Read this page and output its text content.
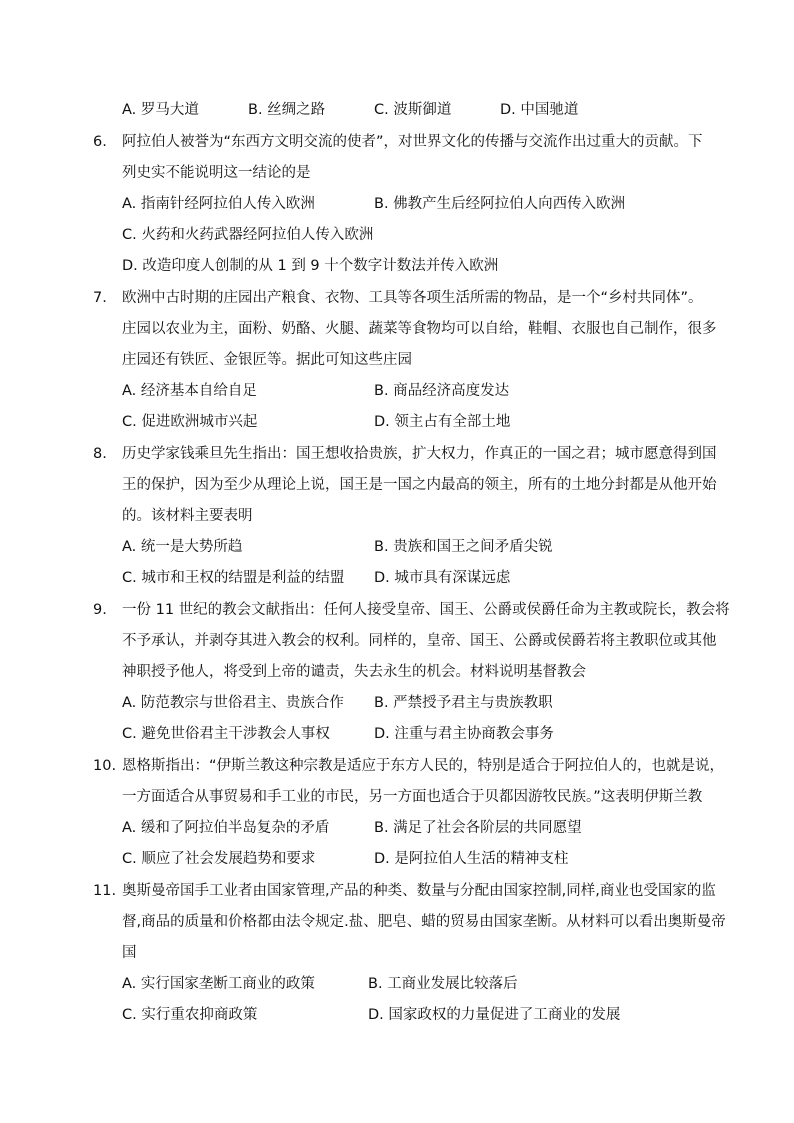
A. 罗马大道	B. 丝绸之路	C. 波斯御道	D. 中国驰道
6. 阿拉伯人被誉为“东西方文明交流的使者”，对世界文化的传播与交流作出过重大的贡献。下
列史实不能说明这一结论的是
A. 指南针经阿拉伯人传入欧洲	B. 佛教产生后经阿拉伯人向西传入欧洲
C. 火药和火药武器经阿拉伯人传入欧洲
D. 改造印度人创制的从 1 到 9 十个数字计数法并传入欧洲
7. 欧洲中古时期的庄园出产粮食、衣物、工具等各项生活所需的物品，是一个“乡村共同体”。
庄园以农业为主，面粉、奶酪、火腿、蔬菜等食物均可以自给，鞋帽、衣服也自己制作，很多
庄园还有铁匠、金银匠等。据此可知这些庄园
A. 经济基本自给自足	B. 商品经济高度发达
C. 促进欧洲城市兴起	D. 领主占有全部土地
8. 历史学家钱乘旦先生指出：国王想收拾贵族，扩大权力，作真正的一国之君；城市愿意得到国
王的保护，因为至少从理论上说，国王是一国之内最高的领主，所有的土地分封都是从他开始
的。该材料主要表明
A. 统一是大势所趋	B. 贵族和国王之间矛盾尖锐
C. 城市和王权的结盟是利益的结盟 D. 城市具有深谋远虑
9. 一份 11 世纪的教会文献指出：任何人接受皇帝、国王、公爵或侯爵任命为主教或院长，教会将
不予承认，并剥夺其进入教会的权利。同样的，皇帝、国王、公爵或侯爵若将主教职位或其他
神职授予他人，将受到上帝的谴责，失去永生的机会。材料说明基督教会
A. 防范教宗与世俗君主、贵族合作 B. 严禁授予君主与贵族教职
C. 避免世俗君主干涉教会人事权	D. 注重与君主协商教会事务
10. 恩格斯指出：“伊斯兰教这种宗教是适应于东方人民的，特别是适合于阿拉伯人的，也就是说，
一方面适合从事贸易和手工业的市民，另一方面也适合于贝都因游牧民族。”这表明伊斯兰教
A. 缓和了阿拉伯半岛复杂的矛盾	B. 满足了社会各阶层的共同愿望
C. 顺应了社会发展趋势和要求	D. 是阿拉伯人生活的精神支柱
11. 奥斯曼帝国手工业者由国家管理,产品的种类、数量与分配由国家控制,同样,商业也受国家的监
督,商品的质量和价格都由法令规定.盐、肥皂、蜡的贸易由国家垄断。从材料可以看出奥斯曼帝
国
A. 实行国家垄断工商业的政策	B. 工商业发展比较落后
C. 实行重农抑商政策	D. 国家政权的力量促进了工商业的发展
